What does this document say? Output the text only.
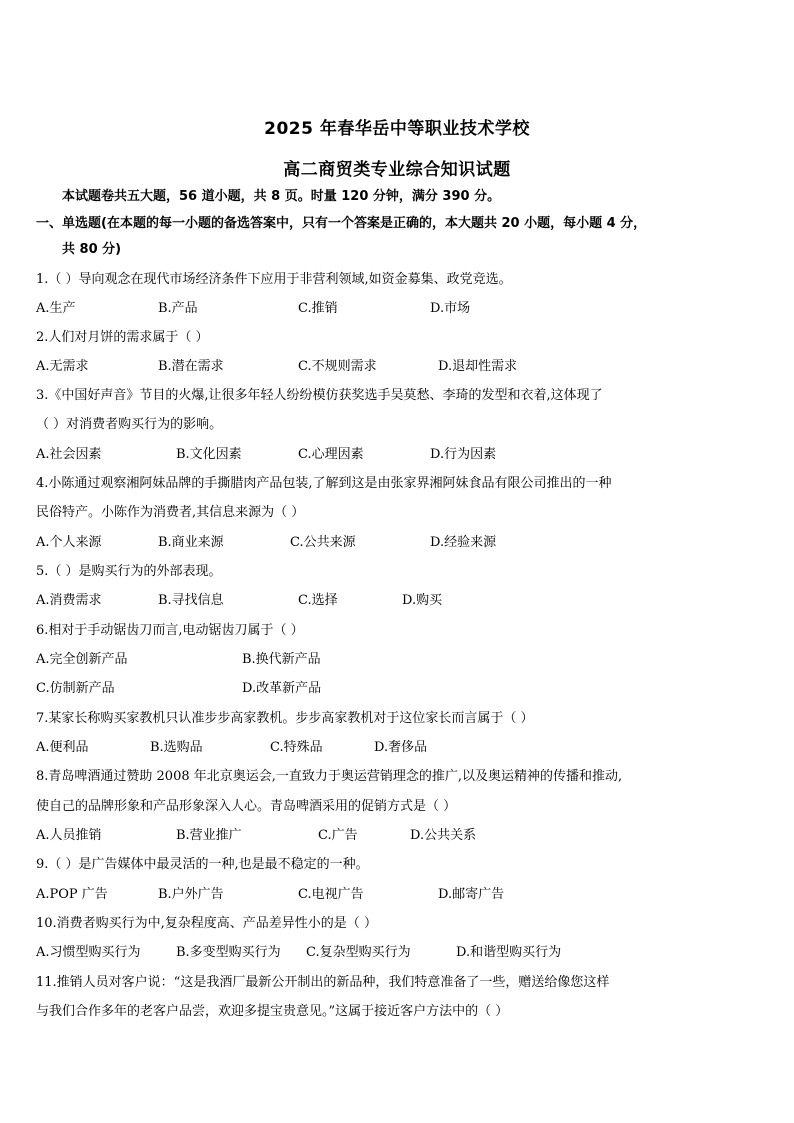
2025 年春华岳中等职业技术学校
高二商贸类专业综合知识试题
本试题卷共五大题，56 道小题，共 8 页。时量 120 分钟，满分 390 分。
一、单选题(在本题的每一小题的备选答案中，只有一个答案是正确的，本大题共 20 小题，每小题 4 分，
共 80 分)
1.（ ）导向观念在现代市场经济条件下应用于非营利领域,如资金募集、政党竞选。
A.生产	B.产品	C.推销	D.市场
2.人们对月饼的需求属于（ ）
A.无需求	B.潜在需求	C.不规则需求	D.退却性需求
3.《中国好声音》节目的火爆,让很多年轻人纷纷模仿获奖选手吴莫愁、李琦的发型和衣着,这体现了
（ ）对消费者购买行为的影响。
A.社会因素	B.文化因素	C.心理因素	D.行为因素
4.小陈通过观察湘阿妹品牌的手撕腊肉产品包装,了解到这是由张家界湘阿妹食品有限公司推出的一种
民俗特产。小陈作为消费者,其信息来源为（ ）
A.个人来源	B.商业来源	C.公共来源	D.经验来源
5.（ ）是购买行为的外部表现。
A.消费需求	B.寻找信息	C.选择	D.购买
6.相对于手动锯齿刀而言,电动锯齿刀属于（ ）
A.完全创新产品	B.换代新产品
C.仿制新产品	D.改革新产品
7.某家长称购买家教机只认准步步高家教机。步步高家教机对于这位家长而言属于（ ）
A.便利品	B.选购品	C.特殊品	D.奢侈品
8.青岛啤酒通过赞助 2008 年北京奥运会,一直致力于奥运营销理念的推广,以及奥运精神的传播和推动,
使自己的品牌形象和产品形象深入人心。青岛啤酒采用的促销方式是（ ）
A.人员推销	B.营业推广	C.广告	D.公共关系
9.（ ）是广告媒体中最灵活的一种,也是最不稳定的一种。
A.POP 广告	B.户外广告	C.电视广告	D.邮寄广告
10.消费者购买行为中,复杂程度高、产品差异性小的是（ ）
A.习惯型购买行为	B.多变型购买行为 C.复杂型购买行为	D.和谐型购买行为
11.推销人员对客户说：“这是我酒厂最新公开制出的新品种，我们特意准备了一些，赠送给像您这样
与我们合作多年的老客户品尝，欢迎多提宝贵意见。”这属于接近客户方法中的（ ）
